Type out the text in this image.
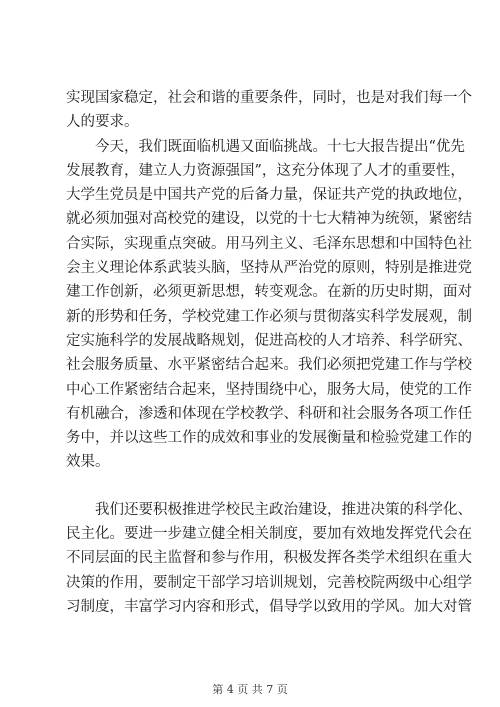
实现国家稳定，社会和谐的重要条件，同时，也是对我们每一个
人的要求。

今天，我们既面临机遇又面临挑战。十七大报告提出“优先
发展教育，建立人力资源强国”，这充分体现了人才的重要性，
大学生党员是中国共产党的后备力量，保证共产党的执政地位，
就必须加强对高校党的建设，以党的十七大精神为统领，紧密结
合实际，实现重点突破。用马列主义、毛泽东思想和中国特色社
会主义理论体系武装头脑，坚持从严治党的原则，特别是推进党
建工作创新，必须更新思想，转变观念。在新的历史时期，面对
新的形势和任务，学校党建工作必须与贯彻落实科学发展观，制
定实施科学的发展战略规划，促进高校的人才培养、科学研究、
社会服务质量、水平紧密结合起来。我们必须把党建工作与学校
中心工作紧密结合起来，坚持围绕中心，服务大局，使党的工作
有机融合，渗透和体现在学校教学、科研和社会服务各项工作任
务中，并以这些工作的成效和事业的发展衡量和检验党建工作的
效果。

我们还要积极推进学校民主政治建设，推进决策的科学化、
民主化。要进一步建立健全相关制度，要加有效地发挥党代会在
不同层面的民主监督和参与作用，积极发挥各类学术组织在重大
决策的作用，要制定干部学习培训规划，完善校院两级中心组学
习制度，丰富学习内容和形式，倡导学以致用的学风。加大对管

第 4 页 共 7 页
